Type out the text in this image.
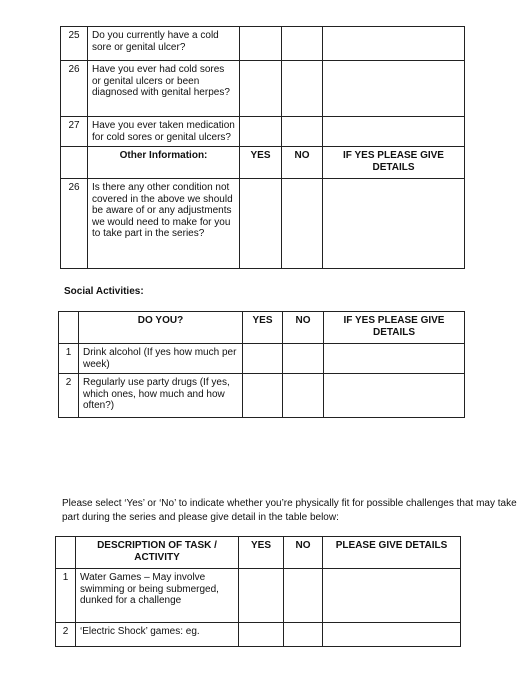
25	Do you currently have a cold sore or genital ulcer?			
26	Have you ever had cold sores or genital ulcers or been diagnosed with genital herpes?			
27	Have you ever taken medication for cold sores or genital ulcers?			
	Other Information:	YES	NO	IF YES PLEASE GIVE DETAILS
26	Is there any other condition not covered in the above we should be aware of or any adjustments we would need to make for you to take part in the series?			
Social Activities:
	DO YOU?	YES	NO	IF YES PLEASE GIVE DETAILS
1	Drink alcohol (If yes how much per week)			
2	Regularly use party drugs (If yes, which ones, how much and how often?)			
Please select ‘Yes’ or ‘No’ to indicate whether you’re physically fit for possible challenges that may take part during the series and please give detail in the table below:
	DESCRIPTION OF TASK / ACTIVITY	YES	NO	PLEASE GIVE DETAILS
1	Water Games – May involve swimming or being submerged, dunked for a challenge			
2	‘Electric Shock’ games: eg.			
